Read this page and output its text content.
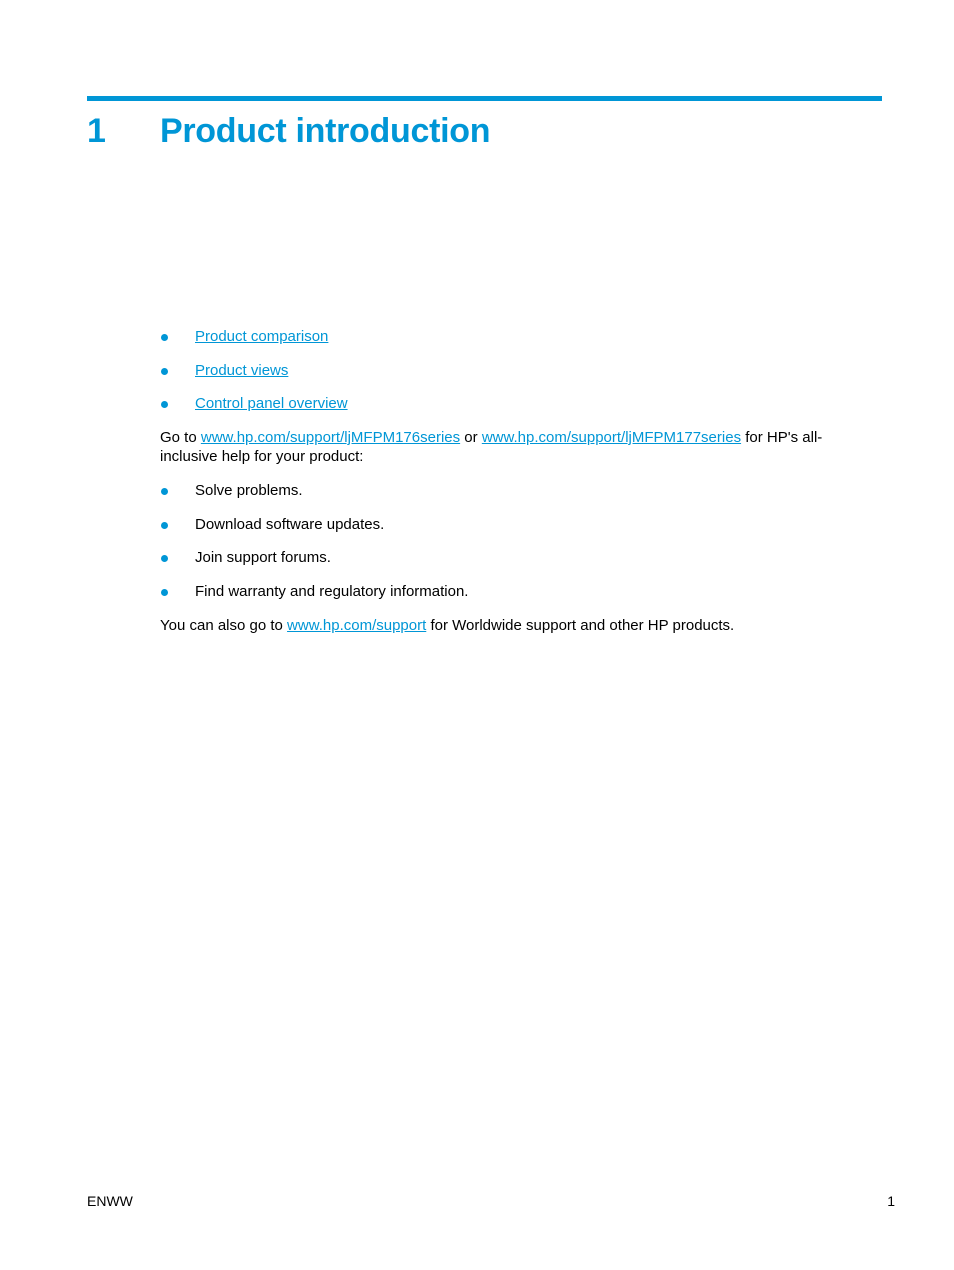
1	Product introduction
Product comparison
Product views
Control panel overview

Go to www.hp.com/support/ljMFPM176series or www.hp.com/support/ljMFPM177series for HP's all-inclusive help for your product:

Solve problems.
Download software updates.
Join support forums.
Find warranty and regulatory information.

You can also go to www.hp.com/support for Worldwide support and other HP products.

ENWW	1
